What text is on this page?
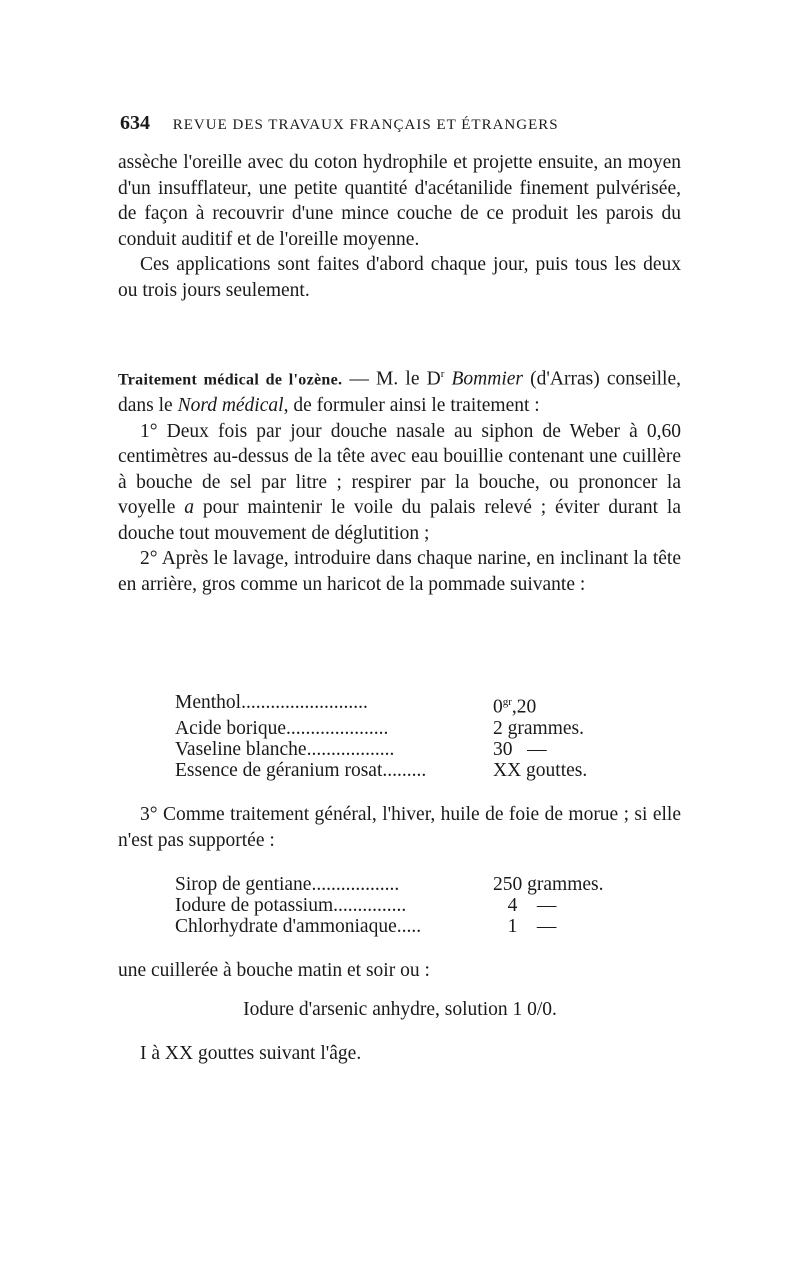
634 REVUE DES TRAVAUX FRANÇAIS ET ÉTRANGERS

assèche l'oreille avec du coton hydrophile et projette ensuite, an moyen d'un insufflateur, une petite quantité d'acétanilide finement pulvérisée, de façon à recouvrir d'une mince couche de ce produit les parois du conduit auditif et de l'oreille moyenne.

Ces applications sont faites d'abord chaque jour, puis tous les deux ou trois jours seulement.

Traitement médical de l'ozène. — M. le $D^r$ Bommier (d'Arras) conseille, dans le Nord médical, de formuler ainsi le traitement :

1° Deux fois par jour douche nasale au siphon de Weber à 0,60 centimètres au-dessus de la tête avec eau bouillie contenant une cuillère à bouche de sel par litre ; respirer par la bouche, ou prononcer la voyelle a pour maintenir le voile du palais relevé ; éviter durant la douche tout mouvement de déglutition ;

2° Après le lavage, introduire dans chaque narine, en inclinant la tête en arrière, gros comme un haricot de la pommade suivante :

Menthol..........................	$0^{gr},20$
Acide borique.....................	2 grammes.
Vaseline blanche..................	30   —
Essence de géranium rosat.........	XX gouttes.

3° Comme traitement général, l'hiver, huile de foie de morue ; si elle n'est pas supportée :

Sirop de gentiane..................	250 grammes.
Iodure de potassium...............	4    —
Chlorhydrate d'ammoniaque.....	1    —

une cuillerée à bouche matin et soir ou :

Iodure d'arsenic anhydre, solution 1 0/0.

I à XX gouttes suivant l'âge.
